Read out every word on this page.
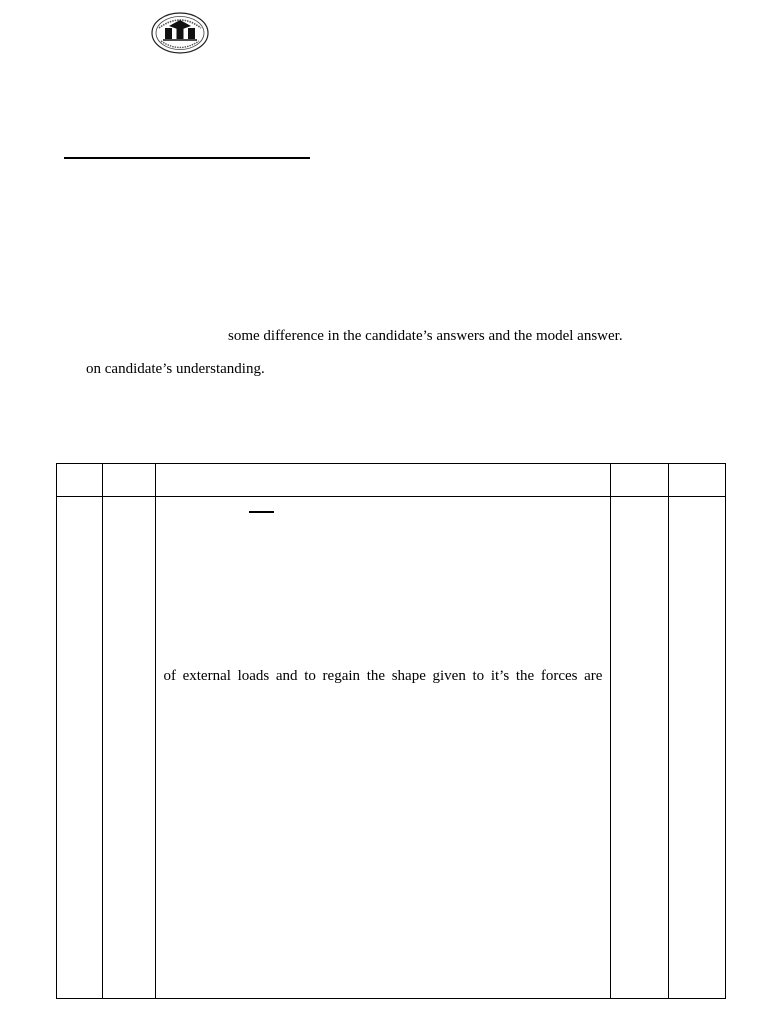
some difference in the candidate’s answers and the model answer.
on candidate’s understanding.

		of external loads and to regain the shape given to it’s the forces are		
